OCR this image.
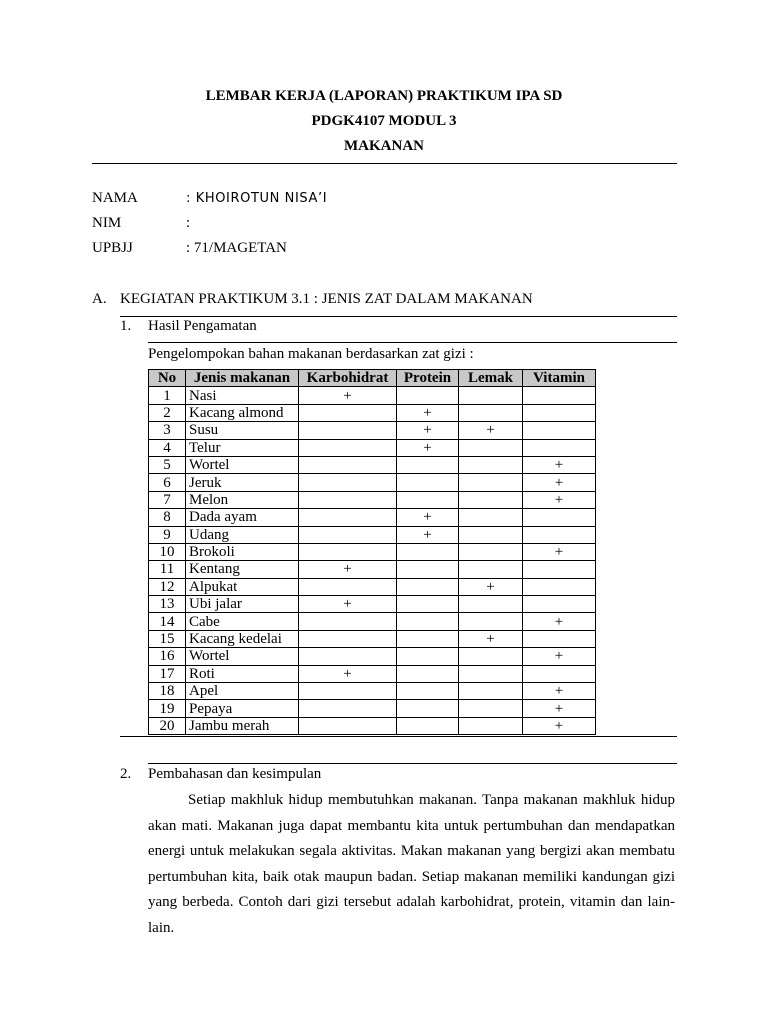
LEMBAR KERJA (LAPORAN) PRAKTIKUM IPA SD
PDGK4107 MODUL 3
MAKANAN
NAMA	: KHOIROTUN NISA’I
NIM	:
UPBJJ	: 71/MAGETAN
A. KEGIATAN PRAKTIKUM 3.1 : JENIS ZAT DALAM MAKANAN
1. Hasil Pengamatan
Pengelompokan bahan makanan berdasarkan zat gizi :
No	Jenis makanan	Karbohidrat	Protein	Lemak	Vitamin
1	Nasi	+			
2	Kacang almond		+		
3	Susu		+	+	
4	Telur		+		
5	Wortel				+
6	Jeruk				+
7	Melon				+
8	Dada ayam		+		
9	Udang		+		
10	Brokoli				+
11	Kentang	+			
12	Alpukat			+	
13	Ubi jalar	+			
14	Cabe				+
15	Kacang kedelai			+	
16	Wortel				+
17	Roti	+			
18	Apel				+
19	Pepaya				+
20	Jambu merah				+
2. Pembahasan dan kesimpulan
Setiap makhluk hidup membutuhkan makanan. Tanpa makanan makhluk hidup akan mati. Makanan juga dapat membantu kita untuk pertumbuhan dan mendapatkan energi untuk melakukan segala aktivitas. Makan makanan yang bergizi akan membatu pertumbuhan kita, baik otak maupun badan. Setiap makanan memiliki kandungan gizi yang berbeda. Contoh dari gizi tersebut adalah karbohidrat, protein, vitamin dan lain-lain.
